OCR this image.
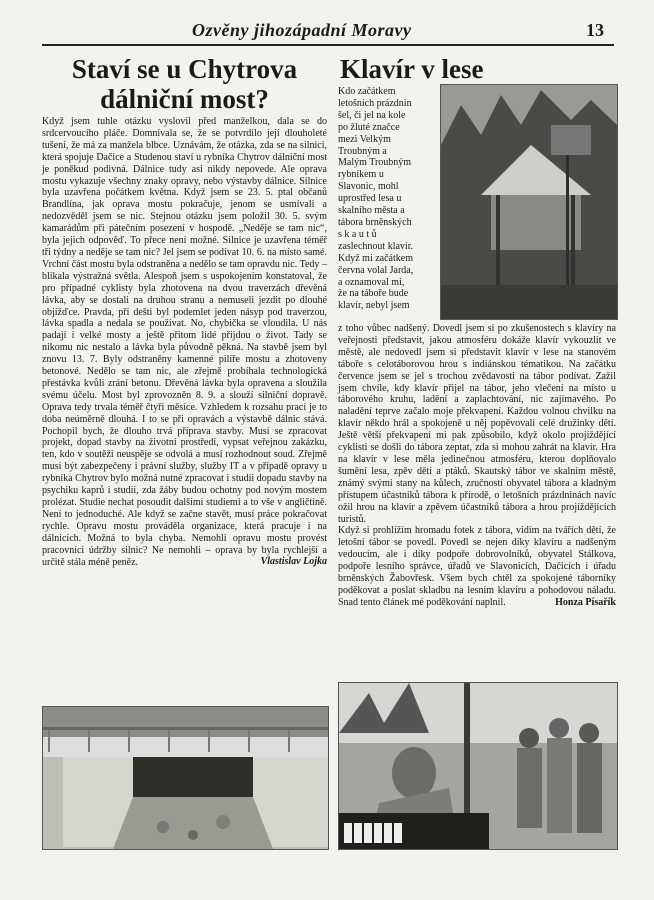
Ozvěny jihozápadní Moravy	13
Staví se u Chytrova
dálniční most?

Když jsem tuhle otázku vyslovil před manželkou, dala se do srdcervoucího pláče. Domnívala se, že se potvrdilo její dlouholeté tušení, že má za manžela blbce. Uznávám, že otázka, zda se na silnici, která spojuje Dačice a Studenou staví u rybníka Chytrov dálniční most je poněkud podivná. Dálnice tudy asi nikdy nepovede. Ale oprava mostu vykazuje všechny znaky opravy, nebo výstavby dálnice. Silnice byla uzavřena počátkem května. Když jsem se 23. 5. ptal občanů Brandlína, jak oprava mostu pokračuje, jenom se usmívali a nedozvěděl jsem se nic. Stejnou otázku jsem položil 30. 5. svým kamarádům při pátečním posezení v hospodě. „Neděje se tam nic“, byla jejich odpověď. To přece není možné. Silnice je uzavřena téměř tři týdny a neděje se tam nic? Jel jsem se podívat 10. 6. na místo samé. Vrchní část mostu byla odstraněna a nedělo se tam opravdu nic. Tedy – blikala výstražná světla. Alespoň jsem s uspokojením konstatoval, že pro případné cyklisty byla zhotovena na dvou traverzách dřevěná lávka, aby se dostali na druhou stranu a nemuseli jezdit po dlouhé objížďce. Pravda, při dešti byl podemlet jeden násyp pod traverzou, lávka spadla a nedala se používat. No, chybička se vloudila. U nás padají i velké mosty a ještě přitom lidé přijdou o život. Tady se nikomu nic nestalo a lávka byla původně pěkná. Na stavbě jsem byl znovu 13. 7. Byly odstraněny kamenné pilíře mostu a zhotoveny betonové. Nedělo se tam nic, ale zřejmě probíhala technologická přestávka kvůli zrání betonu. Dřevěná lávka byla opravena a sloužila svému účelu. Most byl zprovozněn 8. 9. a slouží silniční dopravě. Oprava tedy trvala téměř čtyři měsíce. Vzhledem k rozsahu prací je to doba neúměrně dlouhá. I to se při opravách a výstavbě dálnic stává. Pochopil bych, že dlouho trvá příprava stavby. Musí se zpracovat projekt, dopad stavby na životní prostředí, vypsat veřejnou zakázku, ten, kdo v soutěži neuspěje se odvolá a musí rozhodnout soud. Zřejmě musí být zabezpečeny i právní služby, služby IT a v případě opravy u rybníka Chytrov bylo možná nutné zpracovat i studii dopadu stavby na psychiku kaprů i studii, zda žáby budou ochotny pod novým mostem prolézat. Studie nechat posoudit dalšími studiemi a to vše v angličtině. Není to jednoduché. Ale když se začne stavět, musí práce pokračovat rychle. Opravu mostu prováděla organizace, která pracuje i na dálnicích. Možná to byla chyba. Nemohli opravu mostu provést pracovníci údržby silnic? Ne nemohli – oprava by byla rychlejší a určitě stála méně peněz.	Vlastislav Lojka
Klavír v lese
Kdo začátkem
letošních prázdnin
šel, či jel na kole
po žluté značce
mezi Velkým
Troubným a
Malým Troubným
rybníkem u
Slavonic, mohl
uprostřed lesa u
skalního města a
tábora brněnských
s k a u t ů
zaslechnout klavír.
Když mi začátkem
června volal Jarda,
a oznamoval mi,
že na táboře bude
klavír, nebyl jsem

z toho vůbec nadšený. Dovedl jsem si po zkušenostech s klavíry na veřejnosti představit, jakou atmosféru dokáže klavír vykouzlit ve městě, ale nedovedl jsem si představit klavír v lese na stanovém táboře s celotáborovou hrou s indiánskou tématikou. Na začátku července jsem se jel s trochou zvědavosti na tábor podívat. Zažil jsem chvíle, kdy klavír přijel na tábor, jeho vlečení na místo u táborového kruhu, ladění a zaplachtování, nic zajímavého. Po naladění teprve začalo moje překvapení. Každou volnou chvilku na klavír někdo hrál a spokojeně u něj popěvovali celé družinky dětí. Ještě větší překvapení mi pak způsobilo, když okolo projíždějící cyklisti se došli do tábora zeptat, zda si mohou zahrát na klavír. Hra na klavír v lese měla jedinečnou atmosféru, kterou doplňovalo šumění lesa, zpěv dětí a ptáků. Skautský tábor ve skalním městě, známý svými stany na kůlech, zručností obyvatel tábora a kladným přístupem účastníků tábora k přírodě, o letošních prázdninách navíc ožil hrou na klavír a zpěvem účastníků tábora a hrou projíždějících turistů.

Když si prohlížím hromadu fotek z tábora, vidím na tvářích dětí, že letošní tábor se povedl. Povedl se nejen díky klavíru a nadšeným vedoucím, ale i díky podpoře dobrovolníků, obyvatel Stálkova, podpoře lesního správce, úřadů ve Slavonicích, Dačicích i úřadu brněnských Žabovřesk. Všem bych chtěl za spokojené táborníky poděkovat a poslat skladbu na lesním klavíru a pohodovou náladu. Snad tento článek mé poděkování naplnil.	Honza Písařík
